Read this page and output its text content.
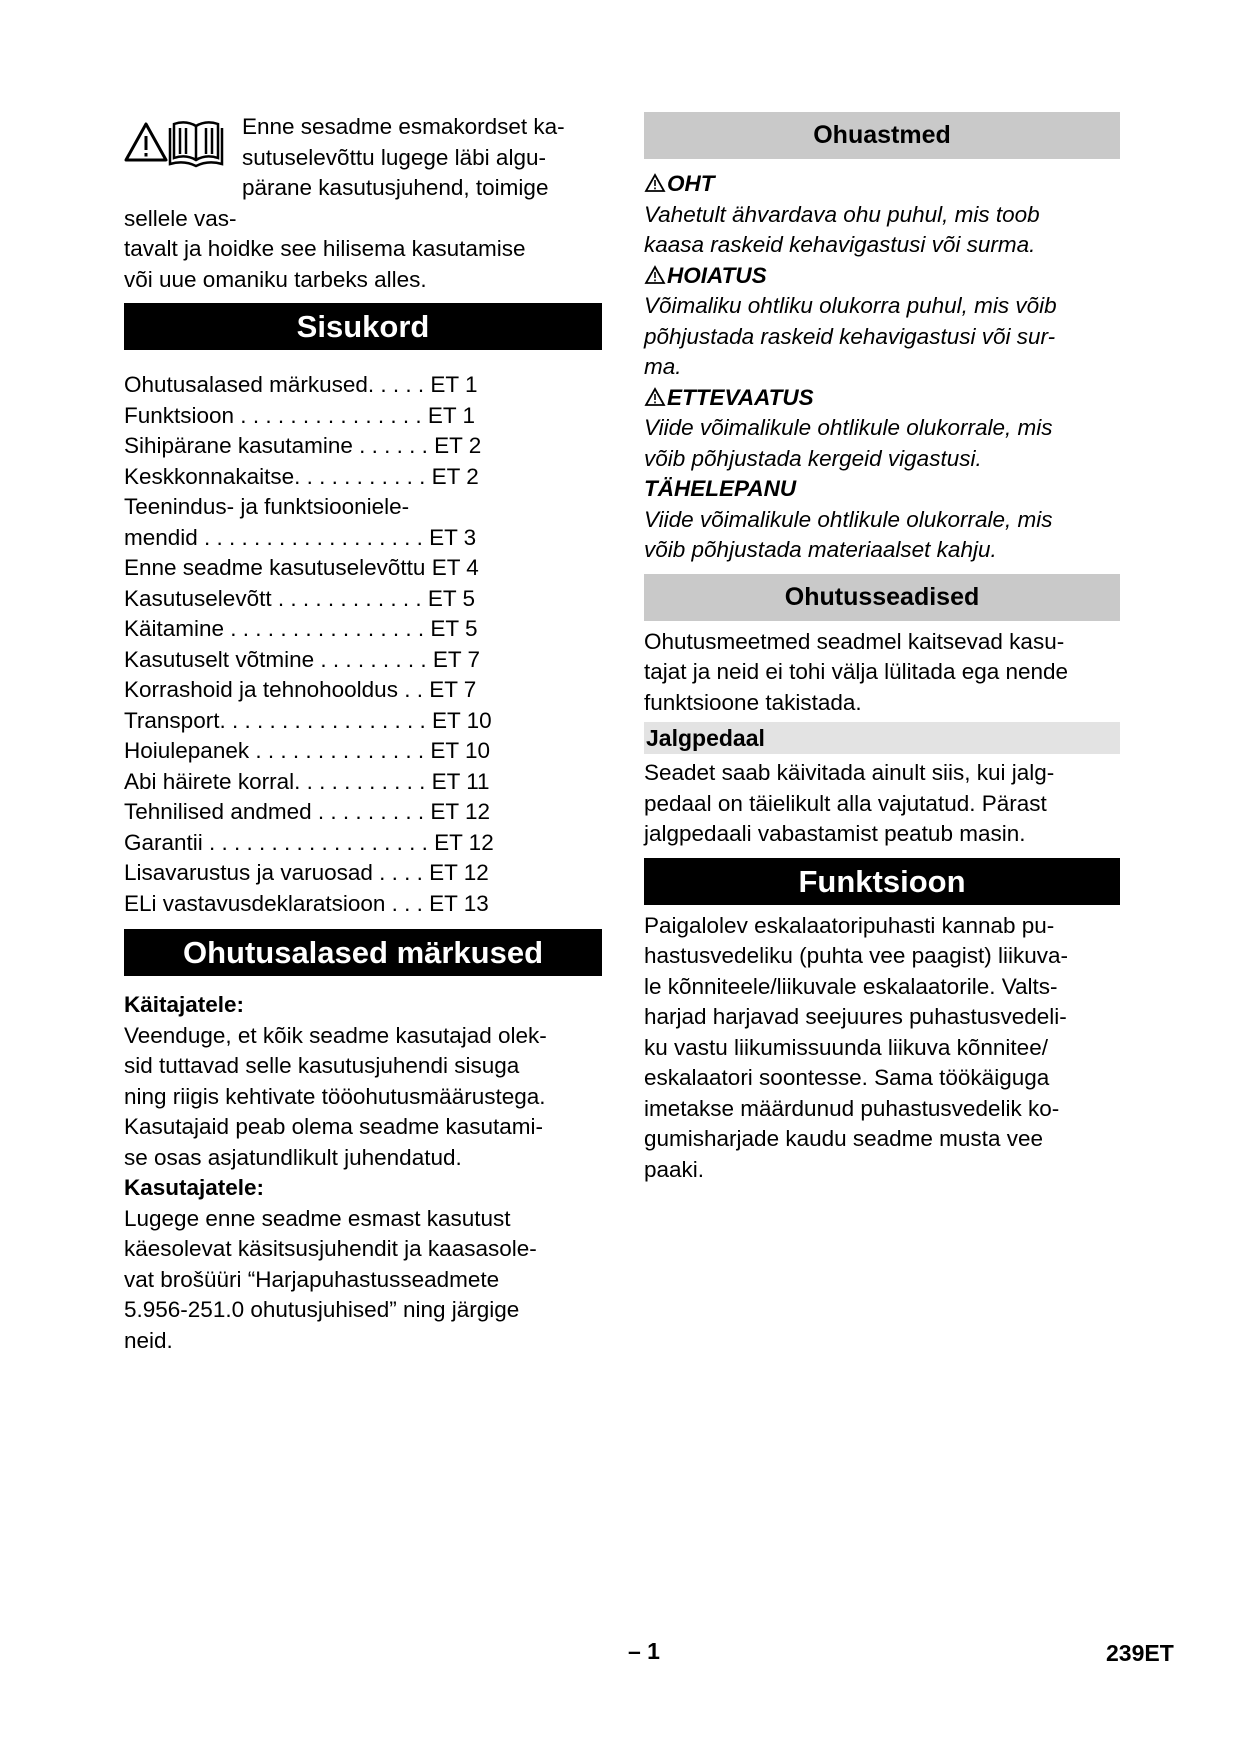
Enne sesadme esmakordset ka-
sutuselevõttu lugege läbi algu-
pärane kasutusjuhend, toimige sellele vas-
tavalt ja hoidke see hilisema kasutamise
või uue omaniku tarbeks alles.

Sisukord
Ohutusalased märkused. . . . . ET 1
Funktsioon . . . . . . . . . . . . . . . ET 1
Sihipärane kasutamine . . . . . . ET 2
Keskkonnakaitse. . . . . . . . . . . ET 2
Teenindus- ja funktsiooniele-
mendid . . . . . . . . . . . . . . . . . . ET 3
Enne seadme kasutuselevõttu ET 4
Kasutuselevõtt . . . . . . . . . . . . ET 5
Käitamine . . . . . . . . . . . . . . . . ET 5
Kasutuselt võtmine . . . . . . . . . ET 7
Korrashoid ja tehnohooldus . . ET 7
Transport. . . . . . . . . . . . . . . . . ET 10
Hoiulepanek . . . . . . . . . . . . . . ET 10
Abi häirete korral. . . . . . . . . . . ET 11
Tehnilised andmed . . . . . . . . . ET 12
Garantii . . . . . . . . . . . . . . . . . . ET 12
Lisavarustus ja varuosad . . . . ET 12
ELi vastavusdeklaratsioon . . . ET 13
Ohutusalased märkused

Käitajatele:

Veenduge, et kõik seadme kasutajad olek-
sid tuttavad selle kasutusjuhendi sisuga
ning riigis kehtivate tööohutusmäärustega.
Kasutajaid peab olema seadme kasutami-
se osas asjatundlikult juhendatud.

Kasutajatele:

Lugege enne seadme esmast kasutust
käesolevat käsitsusjuhendit ja kaasasole-
vat brošüüri “Harjapuhastusseadmete
5.956-251.0 ohutusjuhised” ning järgige
neid.

Ohuastmed

OHT

Vahetult ähvardava ohu puhul, mis toob
kaasa raskeid kehavigastusi või surma.

HOIATUS

Võimaliku ohtliku olukorra puhul, mis võib
põhjustada raskeid kehavigastusi või sur-
ma.

ETTEVAATUS

Viide võimalikule ohtlikule olukorrale, mis
võib põhjustada kergeid vigastusi.

TÄHELEPANU

Viide võimalikule ohtlikule olukorrale, mis
võib põhjustada materiaalset kahju.

Ohutusseadised

Ohutusmeetmed seadmel kaitsevad kasu-
tajat ja neid ei tohi välja lülitada ega nende
funktsioone takistada.

Jalgpedaal

Seadet saab käivitada ainult siis, kui jalg-
pedaal on täielikult alla vajutatud. Pärast
jalgpedaali vabastamist peatub masin.

Funktsioon

Paigalolev eskalaatoripuhasti kannab pu-
hastusvedeliku (puhta vee paagist) liikuva-
le kõnniteele/liikuvale eskalaatorile. Valts-
harjad harjavad seejuures puhastusvedeli-
ku vastu liikumissuunda liikuva kõnnitee/
eskalaatori soontesse. Sama töökäiguga
imetakse määrdunud puhastusvedelik ko-
gumisharjade kaudu seadme musta vee
paaki.

– 1	239ET
